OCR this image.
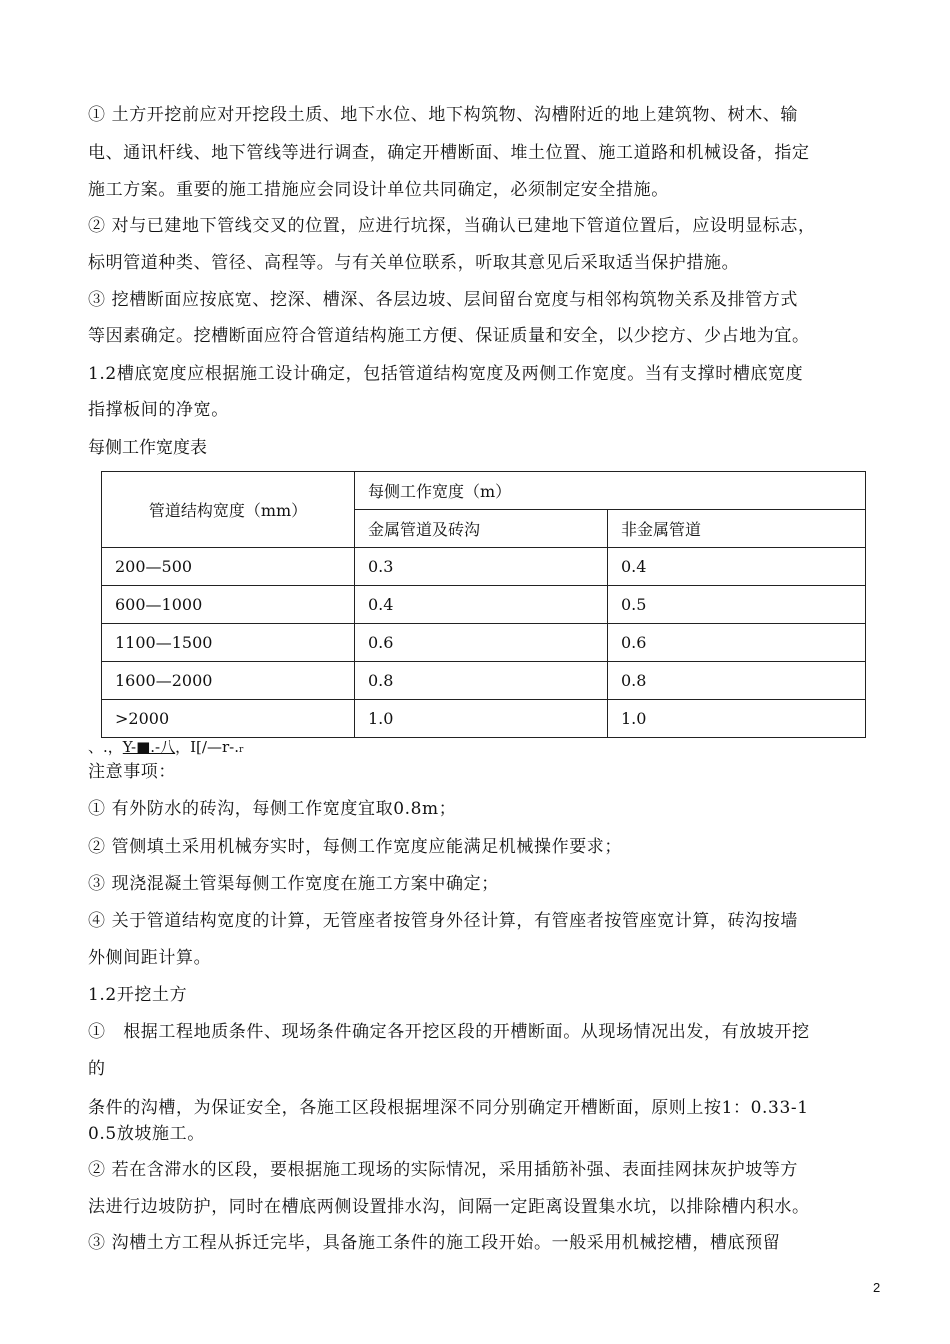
① 土方开挖前应对开挖段土质、地下水位、地下构筑物、沟槽附近的地上建筑物、树木、输
电、通讯杆线、地下管线等进行调查，确定开槽断面、堆土位置、施工道路和机械设备，指定
施工方案。重要的施工措施应会同设计单位共同确定，必须制定安全措施。
② 对与已建地下管线交叉的位置，应进行坑探，当确认已建地下管道位置后，应设明显标志，
标明管道种类、管径、高程等。与有关单位联系，听取其意见后采取适当保护措施。
③ 挖槽断面应按底宽、挖深、槽深、各层边坡、层间留台宽度与相邻构筑物关系及排管方式
等因素确定。挖槽断面应符合管道结构施工方便、保证质量和安全，以少挖方、少占地为宜。
1.2槽底宽度应根据施工设计确定，包括管道结构宽度及两侧工作宽度。当有支撑时槽底宽度
指撑板间的净宽。
每侧工作宽度表
管道结构宽度（mm）	每侧工作宽度（m）	
	金属管道及砖沟	非金属管道
200—500	0.3	0.4
600—1000	0.4	0.5
1100—1500	0.6	0.6
1600—2000	0.8	0.8
>2000	1.0	1.0
、.，Y-■.-八，I[/—r-.r
注意事项：
① 有外防水的砖沟，每侧工作宽度宜取0.8m；
② 管侧填土采用机械夯实时，每侧工作宽度应能满足机械操作要求；
③ 现浇混凝土管渠每侧工作宽度在施工方案中确定；
④ 关于管道结构宽度的计算，无管座者按管身外径计算，有管座者按管座宽计算，砖沟按墙
外侧间距计算。
1.2开挖土方
①　根据工程地质条件、现场条件确定各开挖区段的开槽断面。从现场情况出发，有放坡开挖
的
条件的沟槽，为保证安全，各施工区段根据埋深不同分别确定开槽断面，原则上按1：0.33-1
0.5放坡施工。
② 若在含滞水的区段，要根据施工现场的实际情况，采用插筋补强、表面挂网抹灰护坡等方
法进行边坡防护，同时在槽底两侧设置排水沟，间隔一定距离设置集水坑，以排除槽内积水。
③ 沟槽土方工程从拆迁完毕，具备施工条件的施工段开始。一般采用机械挖槽，槽底预留
2
